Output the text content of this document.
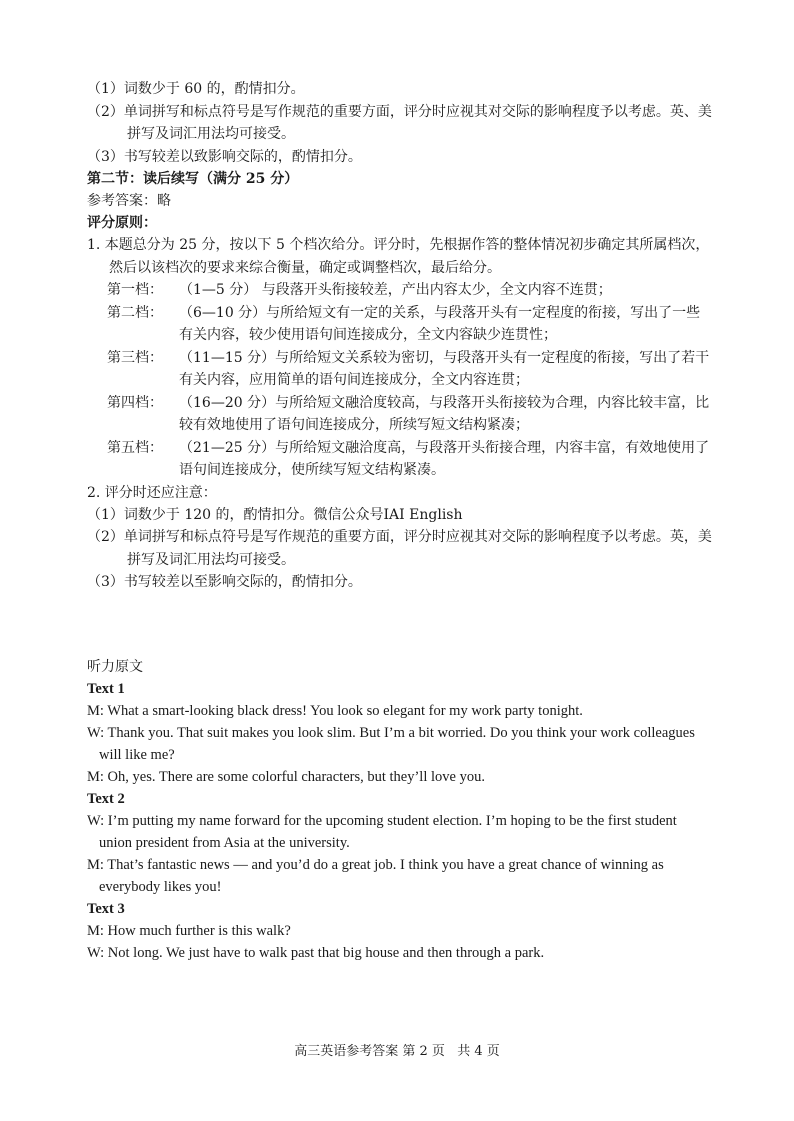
（1）词数少于 60 的，酌情扣分。
（2）单词拼写和标点符号是写作规范的重要方面，评分时应视其对交际的影响程度予以考虑。英、美拼写及词汇用法均可接受。
（3）书写较差以致影响交际的，酌情扣分。
第二节：读后续写（满分 25 分）
参考答案：略
评分原则：
1. 本题总分为 25 分，按以下 5 个档次给分。评分时，先根据作答的整体情况初步确定其所属档次，然后以该档次的要求来综合衡量，确定或调整档次，最后给分。
第一档：	（1—5 分） 与段落开头衔接较差，产出内容太少，全文内容不连贯；
第二档：	（6—10 分）与所给短文有一定的关系，与段落开头有一定程度的衔接，写出了一些有关内容，较少使用语句间连接成分，全文内容缺少连贯性；
第三档：	（11—15 分）与所给短文关系较为密切，与段落开头有一定程度的衔接，写出了若干有关内容，应用简单的语句间连接成分，全文内容连贯；
第四档：	（16—20 分）与所给短文融洽度较高，与段落开头衔接较为合理，内容比较丰富，比较有效地使用了语句间连接成分，所续写短文结构紧凑；
第五档：	（21—25 分）与所给短文融洽度高，与段落开头衔接合理，内容丰富，有效地使用了语句间连接成分，使所续写短文结构紧凑。
2. 评分时还应注意：
（1）词数少于 120 的，酌情扣分。微信公众号IAI English
（2）单词拼写和标点符号是写作规范的重要方面，评分时应视其对交际的影响程度予以考虑。英，美拼写及词汇用法均可接受。
（3）书写较差以至影响交际的，酌情扣分。
听力原文
Text 1
M: What a smart-looking black dress! You look so elegant for my work party tonight.
W: Thank you. That suit makes you look slim. But I’m a bit worried. Do you think your work colleagues will like me?
M: Oh, yes. There are some colorful characters, but they’ll love you.
Text 2
W: I’m putting my name forward for the upcoming student election. I’m hoping to be the first student union president from Asia at the university.
M: That’s fantastic news — and you’d do a great job. I think you have a great chance of winning as everybody likes you!
Text 3
M: How much further is this walk?
W: Not long. We just have to walk past that big house and then through a park.
高三英语参考答案 第 2 页   共 4 页
